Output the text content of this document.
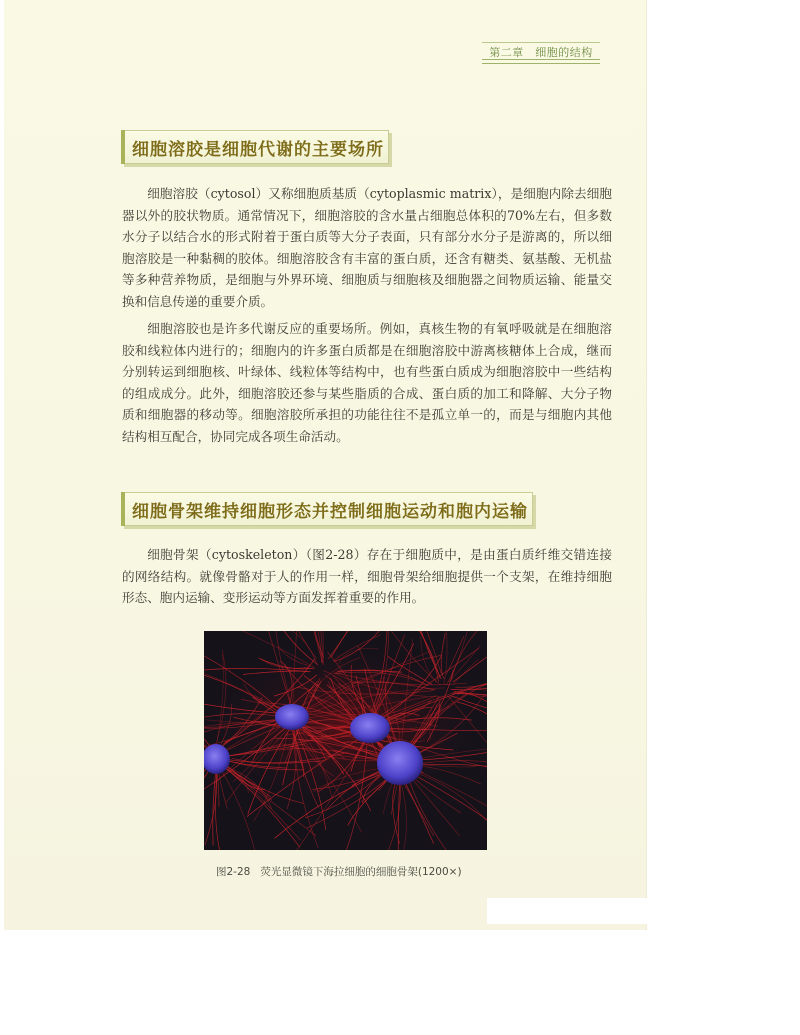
第二章　细胞的结构
细胞溶胶是细胞代谢的主要场所

细胞溶胶（cytosol）又称细胞质基质（cytoplasmic matrix），是细胞内除去细胞器以外的胶状物质。通常情况下，细胞溶胶的含水量占细胞总体积的70%左右，但多数水分子以结合水的形式附着于蛋白质等大分子表面，只有部分水分子是游离的，所以细胞溶胶是一种黏稠的胶体。细胞溶胶含有丰富的蛋白质，还含有糖类、氨基酸、无机盐等多种营养物质，是细胞与外界环境、细胞质与细胞核及细胞器之间物质运输、能量交换和信息传递的重要介质。

细胞溶胶也是许多代谢反应的重要场所。例如，真核生物的有氧呼吸就是在细胞溶胶和线粒体内进行的；细胞内的许多蛋白质都是在细胞溶胶中游离核糖体上合成，继而分别转运到细胞核、叶绿体、线粒体等结构中，也有些蛋白质成为细胞溶胶中一些结构的组成成分。此外，细胞溶胶还参与某些脂质的合成、蛋白质的加工和降解、大分子物质和细胞器的移动等。细胞溶胶所承担的功能往往不是孤立单一的，而是与细胞内其他结构相互配合，协同完成各项生命活动。

细胞骨架维持细胞形态并控制细胞运动和胞内运输

细胞骨架（cytoskeleton）（图2-28）存在于细胞质中，是由蛋白质纤维交错连接的网络结构。就像骨骼对于人的作用一样，细胞骨架给细胞提供一个支架，在维持细胞形态、胞内运输、变形运动等方面发挥着重要的作用。

图2-28 荧光显微镜下海拉细胞的细胞骨架(1200×)
